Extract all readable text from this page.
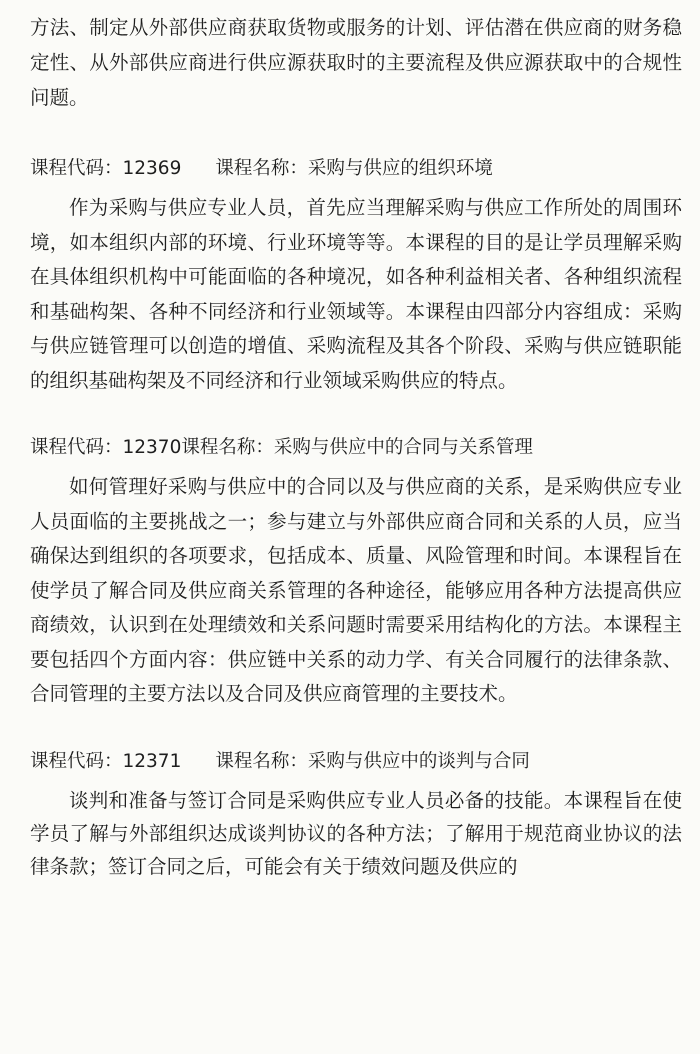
方法、制定从外部供应商获取货物或服务的计划、评估潜在供应商的财务稳定性、从外部供应商进行供应源获取时的主要流程及供应源获取中的合规性问题。

课程代码：12369 课程名称：采购与供应的组织环境

作为采购与供应专业人员，首先应当理解采购与供应工作所处的周围环境，如本组织内部的环境、行业环境等等。本课程的目的是让学员理解采购在具体组织机构中可能面临的各种境况，如各种利益相关者、各种组织流程和基础构架、各种不同经济和行业领域等。本课程由四部分内容组成：采购与供应链管理可以创造的增值、采购流程及其各个阶段、采购与供应链职能的组织基础构架及不同经济和行业领域采购供应的特点。

课程代码：12370课程名称：采购与供应中的合同与关系管理

如何管理好采购与供应中的合同以及与供应商的关系，是采购供应专业人员面临的主要挑战之一；参与建立与外部供应商合同和关系的人员，应当确保达到组织的各项要求，包括成本、质量、风险管理和时间。本课程旨在使学员了解合同及供应商关系管理的各种途径，能够应用各种方法提高供应商绩效，认识到在处理绩效和关系问题时需要采用结构化的方法。本课程主要包括四个方面内容：供应链中关系的动力学、有关合同履行的法律条款、合同管理的主要方法以及合同及供应商管理的主要技术。

课程代码：12371 课程名称：采购与供应中的谈判与合同

谈判和准备与签订合同是采购供应专业人员必备的技能。本课程旨在使学员了解与外部组织达成谈判协议的各种方法；了解用于规范商业协议的法律条款；签订合同之后，可能会有关于绩效问题及供应的
